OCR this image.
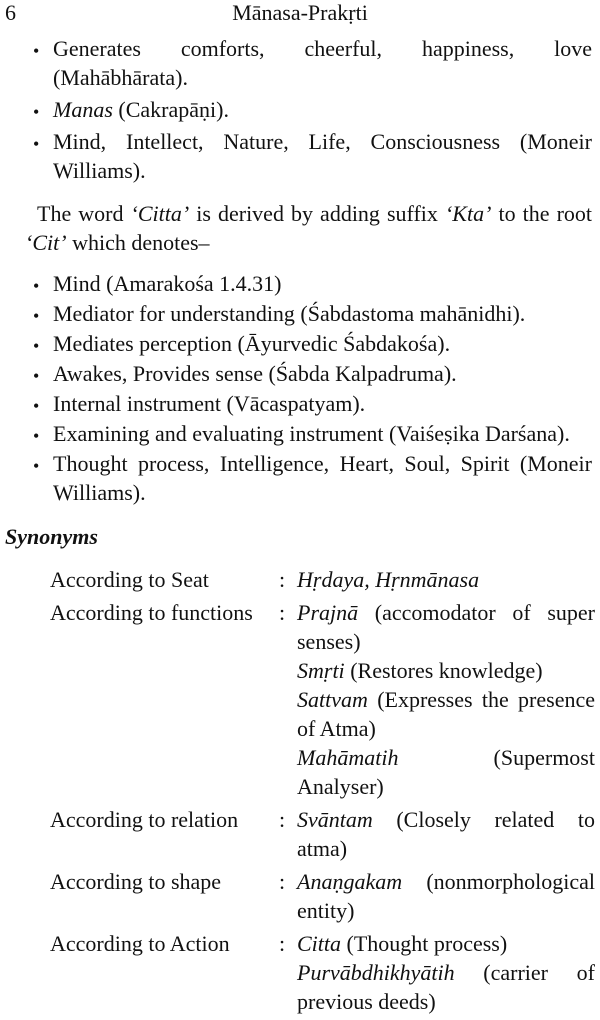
6	Mānasa-Prakṛti
• Generates comforts, cheerful, happiness, love (Mahābhārata).
• Manas (Cakrapāṇi).
• Mind, Intellect, Nature, Life, Consciousness (Moneir Williams).

The word ‘Citta’ is derived by adding suffix ‘Kta’ to the root ‘Cit’ which denotes–

• Mind (Amarakośa 1.4.31)
• Mediator for understanding (Śabdastoma mahānidhi).
• Mediates perception (Āyurvedic Śabdakośa).
• Awakes, Provides sense (Śabda Kalpadruma).
• Internal instrument (Vācaspatyam).
• Examining and evaluating instrument (Vaiśeṣika Darśana).
• Thought process, Intelligence, Heart, Soul, Spirit (Moneir Williams).
Synonyms
According to Seat	: Hṛdaya, Hṛnmānasa
According to functions	: Prajnā (accomodator of super senses)
Smṛti (Restores knowledge)
Sattvam (Expresses the presence of Atma)
Mahāmatih (Supermost Analyser)
According to relation	: Svāntam (Closely related to atma)
According to shape	: Anaṇgakam (nonmorphological entity)
According to Action	: Citta (Thought process)
Purvābdhikhyātih (carrier of previous deeds)
